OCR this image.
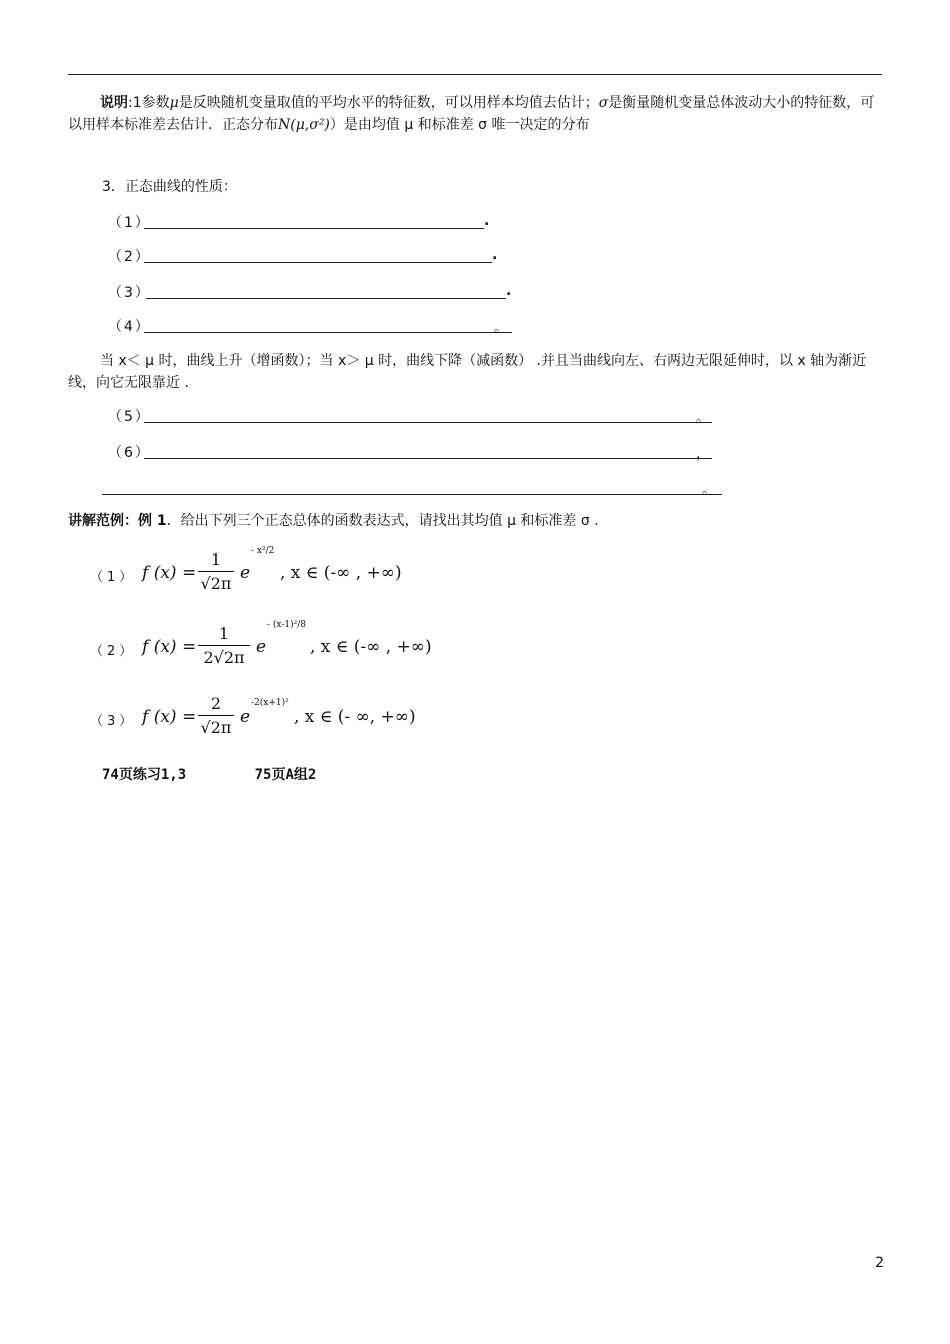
说明:1参数μ是反映随机变量取值的平均水平的特征数，可以用样本均值去估计；σ是衡量随机变量总体波动大小的特征数，可以用样本标准差去估计．正态分布N(μ,σ²)）是由均值 μ 和标准差 σ 唯一决定的分布
3．正态曲线的性质：
（1）	.
（2）	.
（3）	.
（4）	。
当 x＜ μ 时，曲线上升（增函数）；当 x＞ μ 时，曲线下降（减函数） .并且当曲线向左、右两边无限延伸时，以 x 轴为渐近线，向它无限靠近 .
（5）	。
（6）	，
。
讲解范例：例 1．给出下列三个正态总体的函数表达式，请找出其均值 μ 和标准差 σ .
（1） f (x) =
1
√2π
e
- x²/2
, x ∈ (-∞ , +∞)
（2） f (x) =
1
2√2π
e
- (x-1)²/8
, x ∈ (-∞ , +∞)
（3） f (x) =
2
√2π
e
-2(x+1)²
, x ∈ (- ∞, +∞)
74页练习1,3	75页A组2
2
